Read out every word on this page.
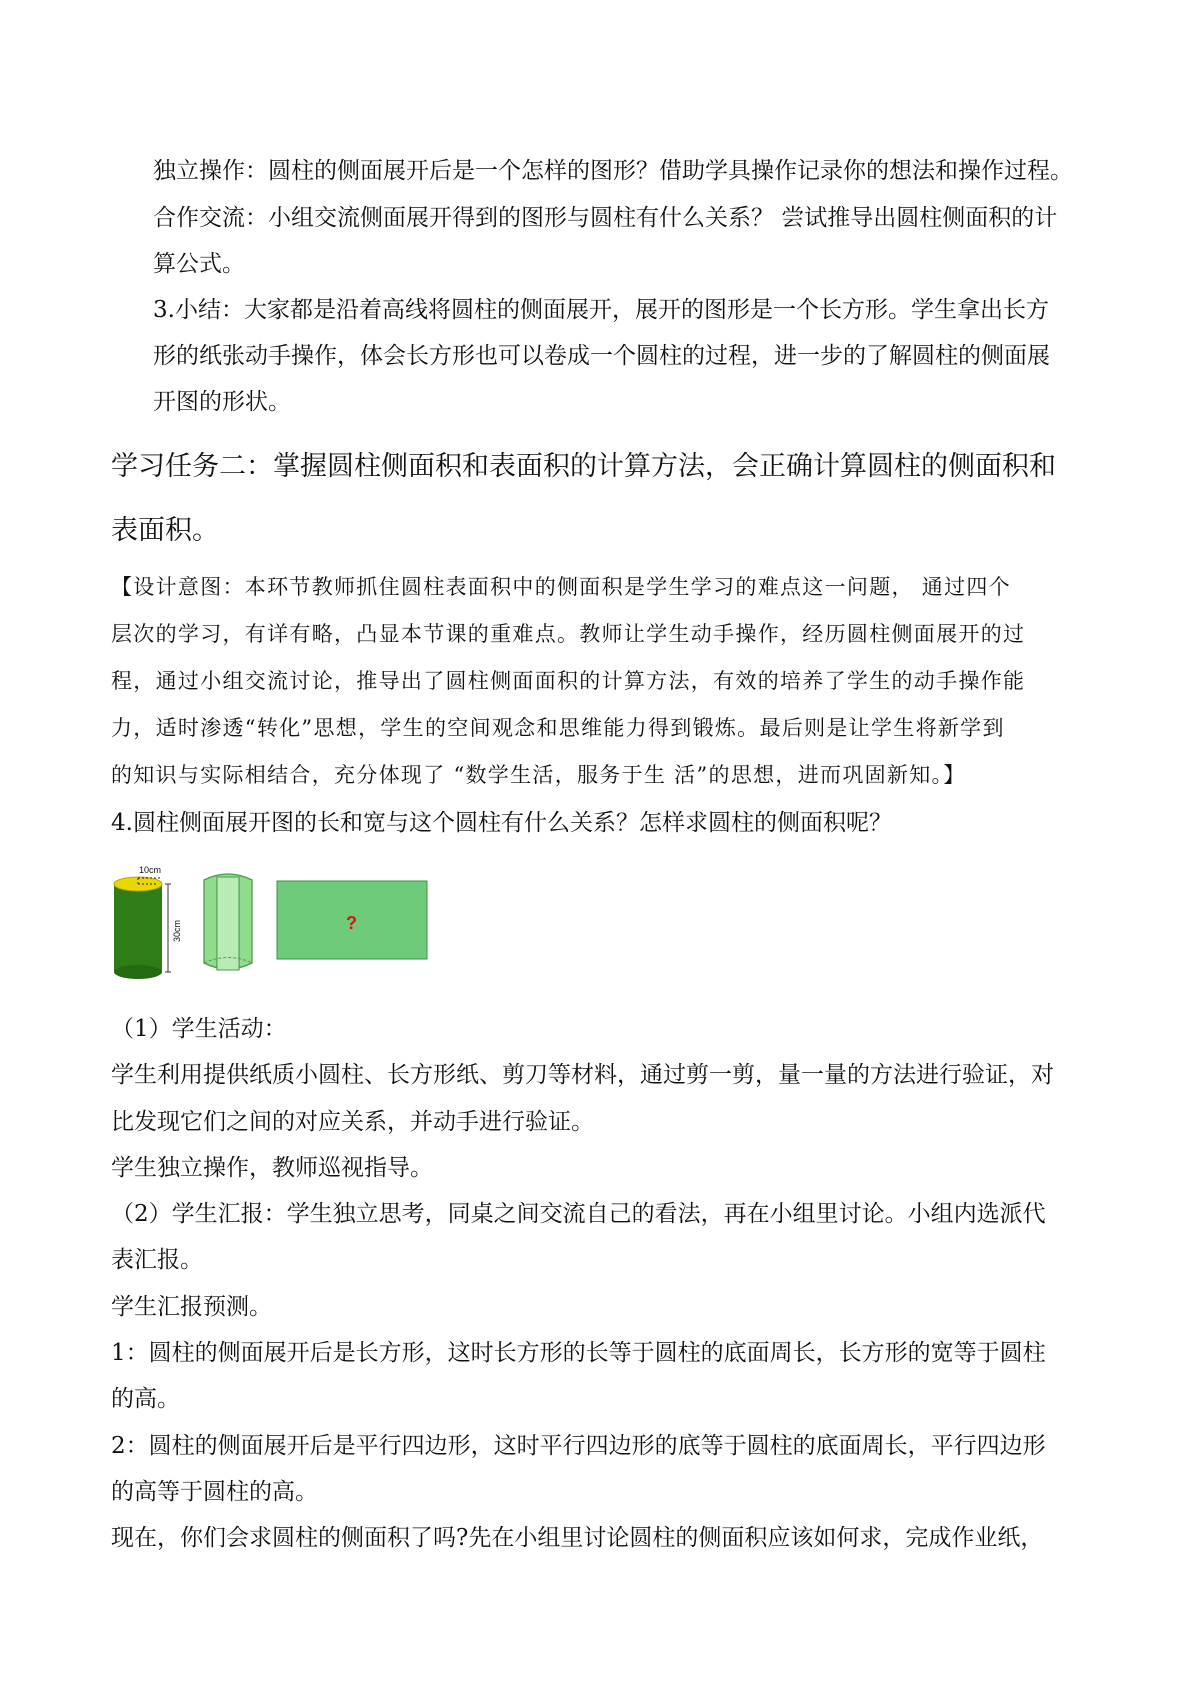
独立操作：圆柱的侧面展开后是一个怎样的图形？借助学具操作记录你的想法和操作过程。
合作交流：小组交流侧面展开得到的图形与圆柱有什么关系？ 尝试推导出圆柱侧面积的计
算公式。
3.小结：大家都是沿着高线将圆柱的侧面展开，展开的图形是一个长方形。学生拿出长方
形的纸张动手操作，体会长方形也可以卷成一个圆柱的过程，进一步的了解圆柱的侧面展
开图的形状。
学习任务二：掌握圆柱侧面积和表面积的计算方法，会正确计算圆柱的侧面积和
表面积。
【设计意图：本环节教师抓住圆柱表面积中的侧面积是学生学习的难点这一问题， 通过四个
层次的学习，有详有略，凸显本节课的重难点。教师让学生动手操作，经历圆柱侧面展开的过
程，通过小组交流讨论，推导出了圆柱侧面面积的计算方法，有效的培养了学生的动手操作能
力，适时渗透“转化”思想，学生的空间观念和思维能力得到锻炼。最后则是让学生将新学到
的知识与实际相结合，充分体现了 “数学生活，服务于生 活”的思想，进而巩固新知。】
4.圆柱侧面展开图的长和宽与这个圆柱有什么关系？怎样求圆柱的侧面积呢？
10cm
30cm	?
（1）学生活动：
学生利用提供纸质小圆柱、长方形纸、剪刀等材料，通过剪一剪，量一量的方法进行验证，对
比发现它们之间的对应关系，并动手进行验证。
学生独立操作，教师巡视指导。
（2）学生汇报：学生独立思考，同桌之间交流自己的看法，再在小组里讨论。小组内选派代
表汇报。
学生汇报预测。
1：圆柱的侧面展开后是长方形，这时长方形的长等于圆柱的底面周长，长方形的宽等于圆柱
的高。
2：圆柱的侧面展开后是平行四边形，这时平行四边形的底等于圆柱的底面周长，平行四边形
的高等于圆柱的高。
现在，你们会求圆柱的侧面积了吗?先在小组里讨论圆柱的侧面积应该如何求，完成作业纸，
